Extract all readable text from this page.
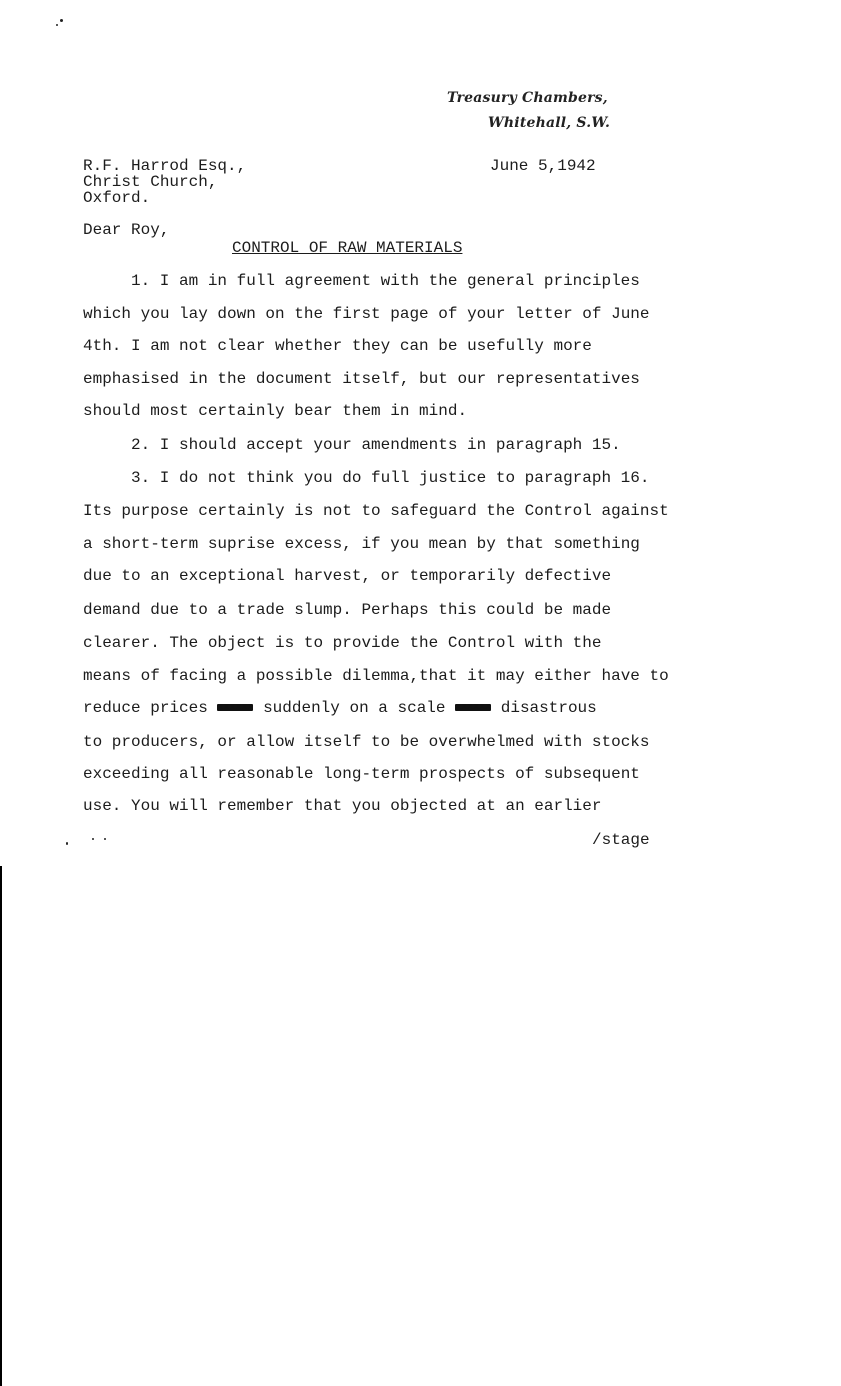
Treasury Chambers,
Whitehall, S.W.
R.F. Harrod Esq.,
Christ Church,
Oxford.
June 5,1942
Dear Roy,
CONTROL OF RAW MATERIALS
1. I am in full agreement with the general principles
which you lay down on the first page of your letter of June
4th. I am not clear whether they can be usefully more
emphasised in the document itself, but our representatives
should most certainly bear them in mind.
2. I should accept your amendments in paragraph 15.
3. I do not think you do full justice to paragraph 16.
Its purpose certainly is not to safeguard the Control against
a short-term suprise excess, if you mean by that something
due to an exceptional harvest, or temporarily defective
demand due to a trade slump. Perhaps this could be made
clearer. The object is to provide the Control with the
means of facing a possible dilemma,that it may either have to
reduce prices xxxxxx suddenly on a scale xxxxxx disastrous
to producers, or allow itself to be overwhelmed with stocks
exceeding all reasonable long-term prospects of subsequent
use. You will remember that you objected at an earlier
/stage
